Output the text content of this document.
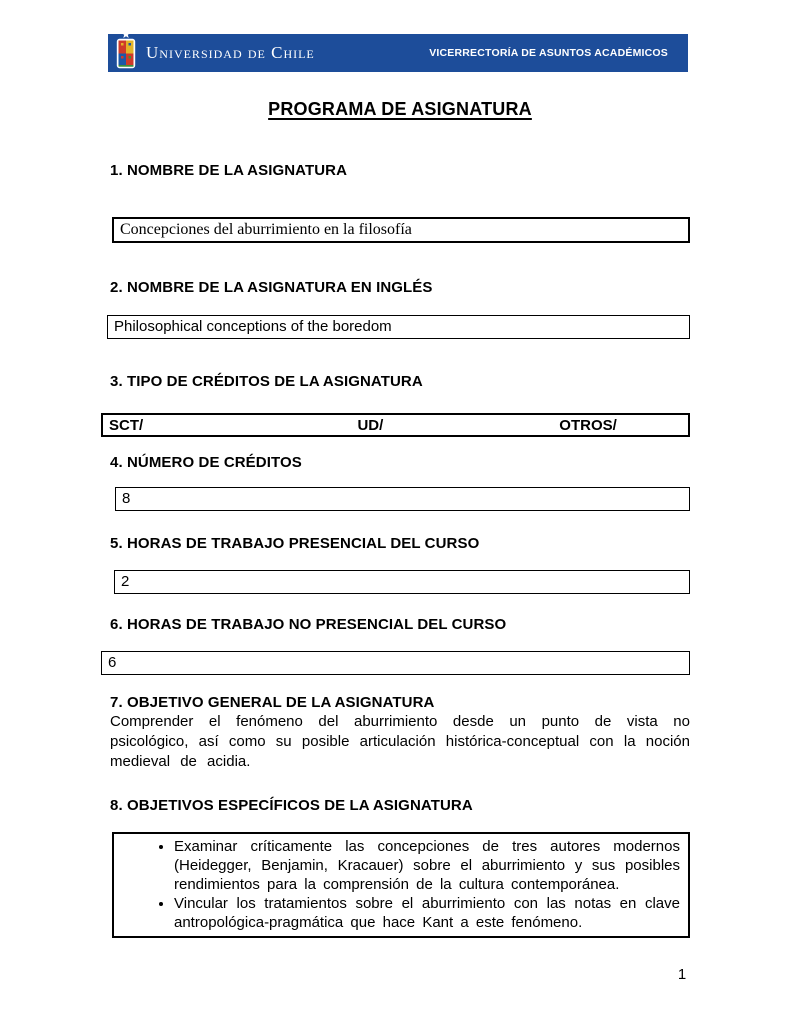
Universidad de Chile	VICERRECTORÍA DE ASUNTOS ACADÉMICOS
PROGRAMA DE ASIGNATURA
1. NOMBRE DE LA ASIGNATURA
Concepciones del aburrimiento en la filosofía
2. NOMBRE DE LA ASIGNATURA EN INGLÉS
Philosophical conceptions of the boredom
3. TIPO DE CRÉDITOS DE LA ASIGNATURA
SCT/	UD/	OTROS/
4. NÚMERO DE CRÉDITOS
8
5. HORAS DE TRABAJO PRESENCIAL DEL CURSO
2
6. HORAS DE TRABAJO NO PRESENCIAL DEL CURSO
6
7. OBJETIVO GENERAL DE LA ASIGNATURA

Comprender el fenómeno del aburrimiento desde un punto de vista no psicológico, así como su posible articulación histórica-conceptual con la noción medieval de acidia.

8. OBJETIVOS ESPECÍFICOS DE LA ASIGNATURA
• Examinar críticamente las concepciones de tres autores modernos (Heidegger, Benjamin, Kracauer) sobre el aburrimiento y sus posibles rendimientos para la comprensión de la cultura contemporánea.
• Vincular los tratamientos sobre el aburrimiento con las notas en clave antropológica-pragmática que hace Kant a este fenómeno.
1
